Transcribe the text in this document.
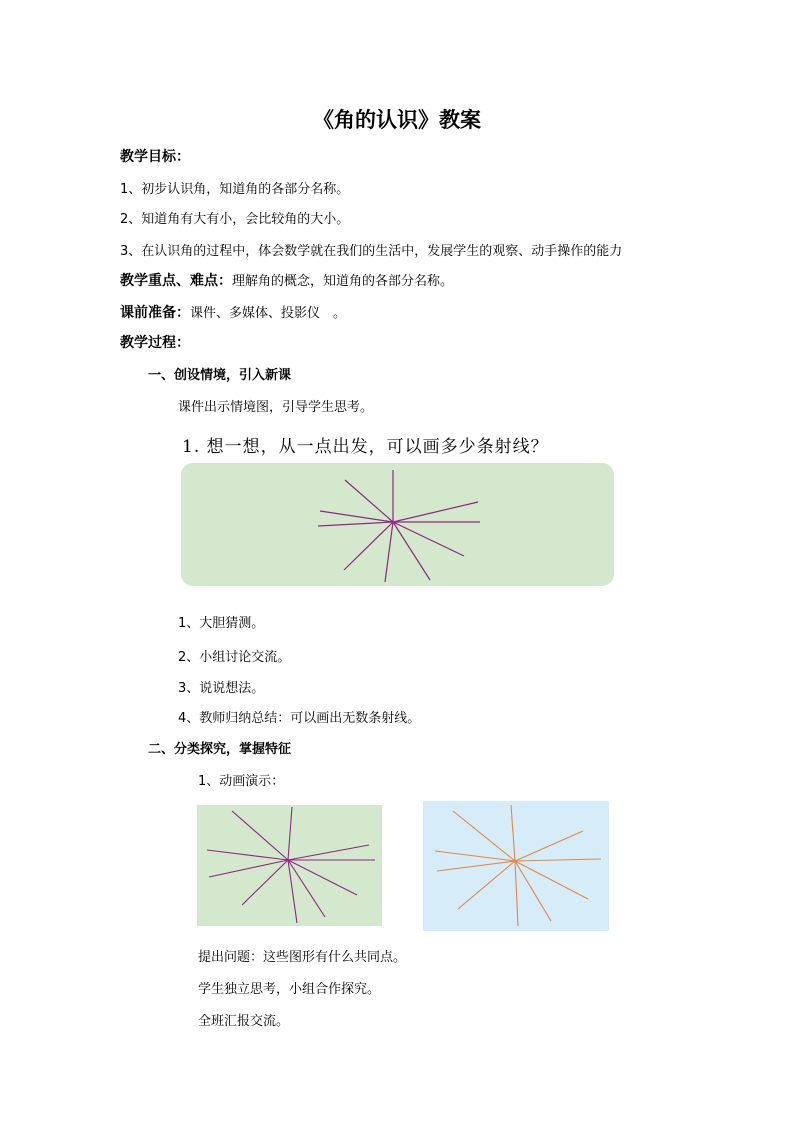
《角的认识》教案
教学目标：
1、初步认识角，知道角的各部分名称。
2、知道角有大有小，会比较角的大小。
3、在认识角的过程中，体会数学就在我们的生活中，发展学生的观察、动手操作的能力
教学重点、难点：理解角的概念，知道角的各部分名称。
课前准备：课件、多媒体、投影仪　。
教学过程：
一、创设情境，引入新课
课件出示情境图，引导学生思考。
1. 想一想，从一点出发，可以画多少条射线？
1、大胆猜测。
2、小组讨论交流。
3、说说想法。
4、教师归纳总结：可以画出无数条射线。
二、分类探究，掌握特征
1、动画演示：
提出问题：这些图形有什么共同点。
学生独立思考，小组合作探究。
全班汇报交流。
